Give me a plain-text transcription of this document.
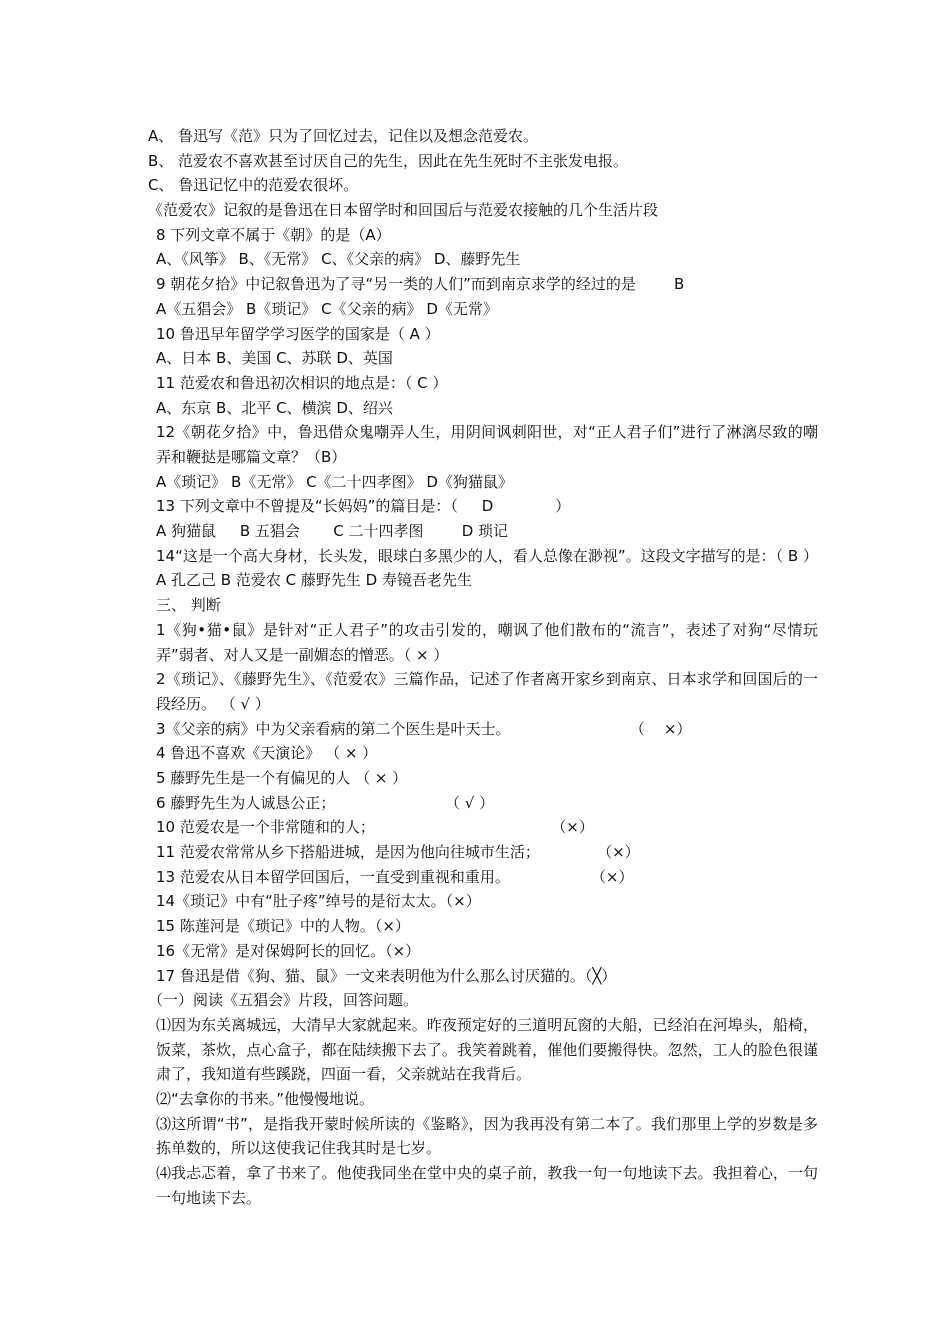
A、 鲁迅写《范》只为了回忆过去，记住以及想念范爱农。
B、 范爱农不喜欢甚至讨厌自己的先生，因此在先生死时不主张发电报。
C、 鲁迅记忆中的范爱农很坏。
《范爱农》记叙的是鲁迅在日本留学时和回国后与范爱农接触的几个生活片段
8 下列文章不属于《朝》的是（A）
A、《风筝》 B、《无常》 C、《父亲的病》 D、藤野先生
9 朝花夕拾》中记叙鲁迅为了寻“另一类的人们”而到南京求学的经过的是        B
A《五猖会》 B《琐记》 C《父亲的病》 D《无常》
10 鲁迅早年留学学习医学的国家是（ A ）
A、日本 B、美国 C、苏联 D、英国
11 范爱农和鲁迅初次相识的地点是：（ C ）
A、东京 B、北平 C、横滨 D、绍兴
12《朝花夕拾》中，鲁迅借众鬼嘲弄人生，用阴间讽刺阳世，对“正人君子们”进行了淋漓尽致的嘲弄和鞭挞是哪篇文章？（B）
A《琐记》 B《无常》 C《二十四孝图》 D《狗猫鼠》
13 下列文章中不曾提及“长妈妈”的篇目是：（     D             ）
A 狗猫鼠     B 五猖会       C 二十四孝图        D 琐记
14“这是一个高大身材，长头发，眼球白多黑少的人，看人总像在渺视”。这段文字描写的是：（ B ） A 孔乙己 B 范爱农 C 藤野先生 D 寿镜吾老先生
三、 判断
1《狗•猫•鼠》是针对“正人君子”的攻击引发的，嘲讽了他们散布的“流言”，表述了对狗“尽情玩弄”弱者、对人又是一副媚态的憎恶。（ × ）
2《琐记》、《藤野先生》、《范爱农》三篇作品，记述了作者离开家乡到南京、日本求学和回国后的一段经历。 （ √ ）
3《父亲的病》中为父亲看病的第二个医生是叶天士。                         （    ×）
4 鲁迅不喜欢《天演论》 （ × ）
5 藤野先生是一个有偏见的人 （ × ）
6 藤野先生为人诚恳公正；                       （ √ ）
10 范爱农是一个非常随和的人；                                     （×）
11 范爱农常常从乡下搭船进城，是因为他向往城市生活；            （×）
13 范爱农从日本留学回国后，一直受到重视和重用。                 （×）
14《琐记》中有“肚子疼”绰号的是衍太太。（×）
15 陈莲河是《琐记》中的人物。（×）
16《无常》是对保姆阿长的回忆。（×）
17 鲁迅是借《狗、猫、鼠》一文来表明他为什么那么讨厌猫的。（╳）
（一）阅读《五猖会》片段，回答问题。
⑴因为东关离城远，大清早大家就起来。昨夜预定好的三道明瓦窗的大船，已经泊在河埠头，船椅，饭菜，茶炊，点心盒子，都在陆续搬下去了。我笑着跳着，催他们要搬得快。忽然，工人的脸色很谨肃了，我知道有些蹊跷，四面一看，父亲就站在我背后。
⑵“去拿你的书来。”他慢慢地说。
⑶这所谓“书”，是指我开蒙时候所读的《鉴略》，因为我再没有第二本了。我们那里上学的岁数是多拣单数的，所以这使我记住我其时是七岁。
⑷我忐忑着，拿了书来了。他使我同坐在堂中央的桌子前，教我一句一句地读下去。我担着心，一句一句地读下去。
